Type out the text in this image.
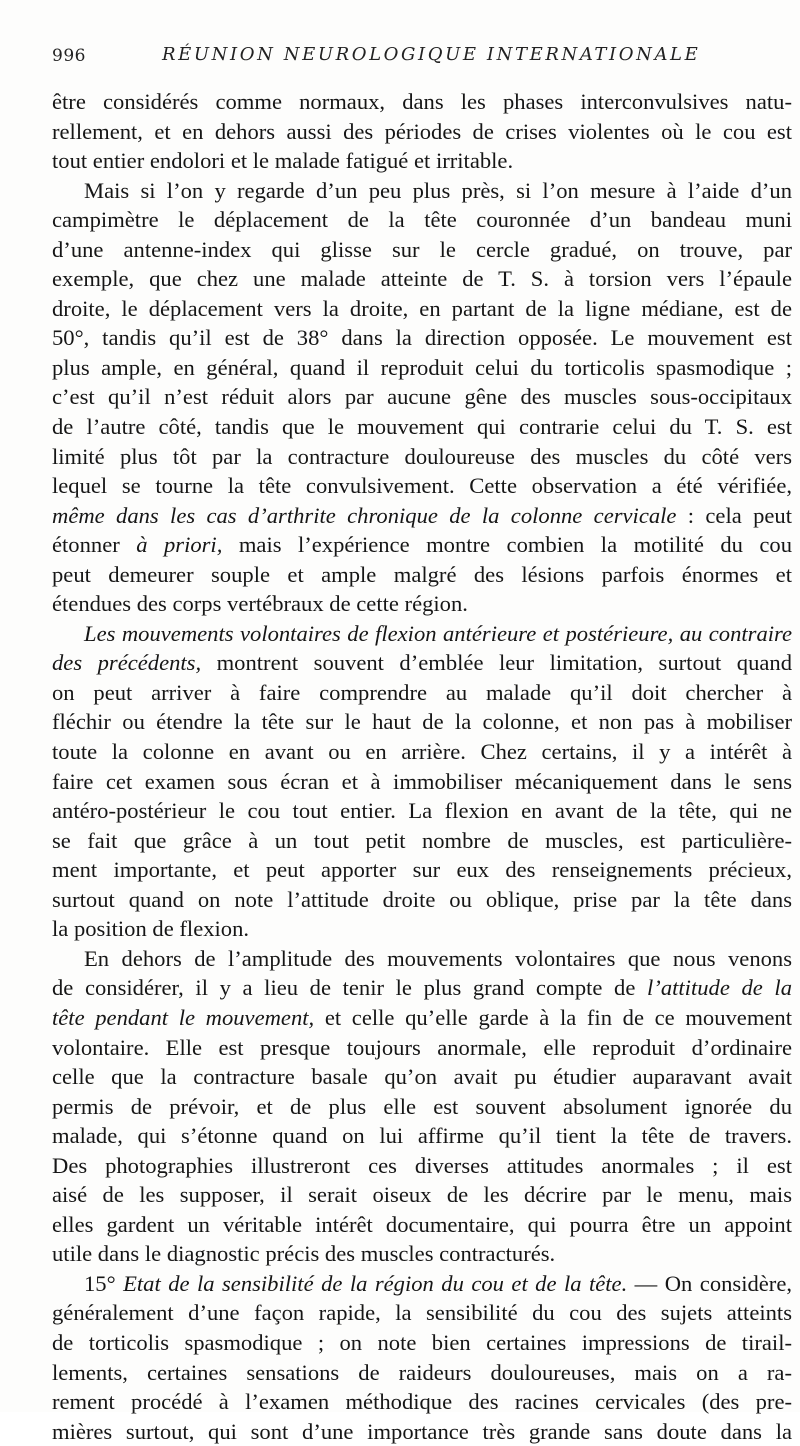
996	RÉUNION NEUROLOGIQUE INTERNATIONALE
être considérés comme normaux, dans les phases interconvulsives natu-
rellement, et en dehors aussi des périodes de crises violentes où le cou est
tout entier endolori et le malade fatigué et irritable.
Mais si l’on y regarde d’un peu plus près, si l’on mesure à l’aide d’un
campimètre le déplacement de la tête couronnée d’un bandeau muni
d’une antenne-index qui glisse sur le cercle gradué, on trouve, par
exemple, que chez une malade atteinte de T. S. à torsion vers l’épaule
droite, le déplacement vers la droite, en partant de la ligne médiane, est de
50°, tandis qu’il est de 38° dans la direction opposée. Le mouvement est
plus ample, en général, quand il reproduit celui du torticolis spasmodique ;
c’est qu’il n’est réduit alors par aucune gêne des muscles sous-occipitaux
de l’autre côté, tandis que le mouvement qui contrarie celui du T. S. est
limité plus tôt par la contracture douloureuse des muscles du côté vers
lequel se tourne la tête convulsivement. Cette observation a été vérifiée,
même dans les cas d’arthrite chronique de la colonne cervicale : cela peut
étonner à priori, mais l’expérience montre combien la motilité du cou
peut demeurer souple et ample malgré des lésions parfois énormes et
étendues des corps vertébraux de cette région.
Les mouvements volontaires de flexion antérieure et postérieure, au contraire
des précédents, montrent souvent d’emblée leur limitation, surtout quand
on peut arriver à faire comprendre au malade qu’il doit chercher à
fléchir ou étendre la tête sur le haut de la colonne, et non pas à mobiliser
toute la colonne en avant ou en arrière. Chez certains, il y a intérêt à
faire cet examen sous écran et à immobiliser mécaniquement dans le sens
antéro-postérieur le cou tout entier. La flexion en avant de la tête, qui ne
se fait que grâce à un tout petit nombre de muscles, est particulière-
ment importante, et peut apporter sur eux des renseignements précieux,
surtout quand on note l’attitude droite ou oblique, prise par la tête dans
la position de flexion.
En dehors de l’amplitude des mouvements volontaires que nous venons
de considérer, il y a lieu de tenir le plus grand compte de l’attitude de la
tête pendant le mouvement, et celle qu’elle garde à la fin de ce mouvement
volontaire. Elle est presque toujours anormale, elle reproduit d’ordinaire
celle que la contracture basale qu’on avait pu étudier auparavant avait
permis de prévoir, et de plus elle est souvent absolument ignorée du
malade, qui s’étonne quand on lui affirme qu’il tient la tête de travers.
Des photographies illustreront ces diverses attitudes anormales ; il est
aisé de les supposer, il serait oiseux de les décrire par le menu, mais
elles gardent un véritable intérêt documentaire, qui pourra être un appoint
utile dans le diagnostic précis des muscles contracturés.
15° Etat de la sensibilité de la région du cou et de la tête. — On considère,
généralement d’une façon rapide, la sensibilité du cou des sujets atteints
de torticolis spasmodique ; on note bien certaines impressions de tirail-
lements, certaines sensations de raideurs douloureuses, mais on a ra-
rement procédé à l’examen méthodique des racines cervicales (des pre-
mières surtout, qui sont d’une importance très grande sans doute dans la
